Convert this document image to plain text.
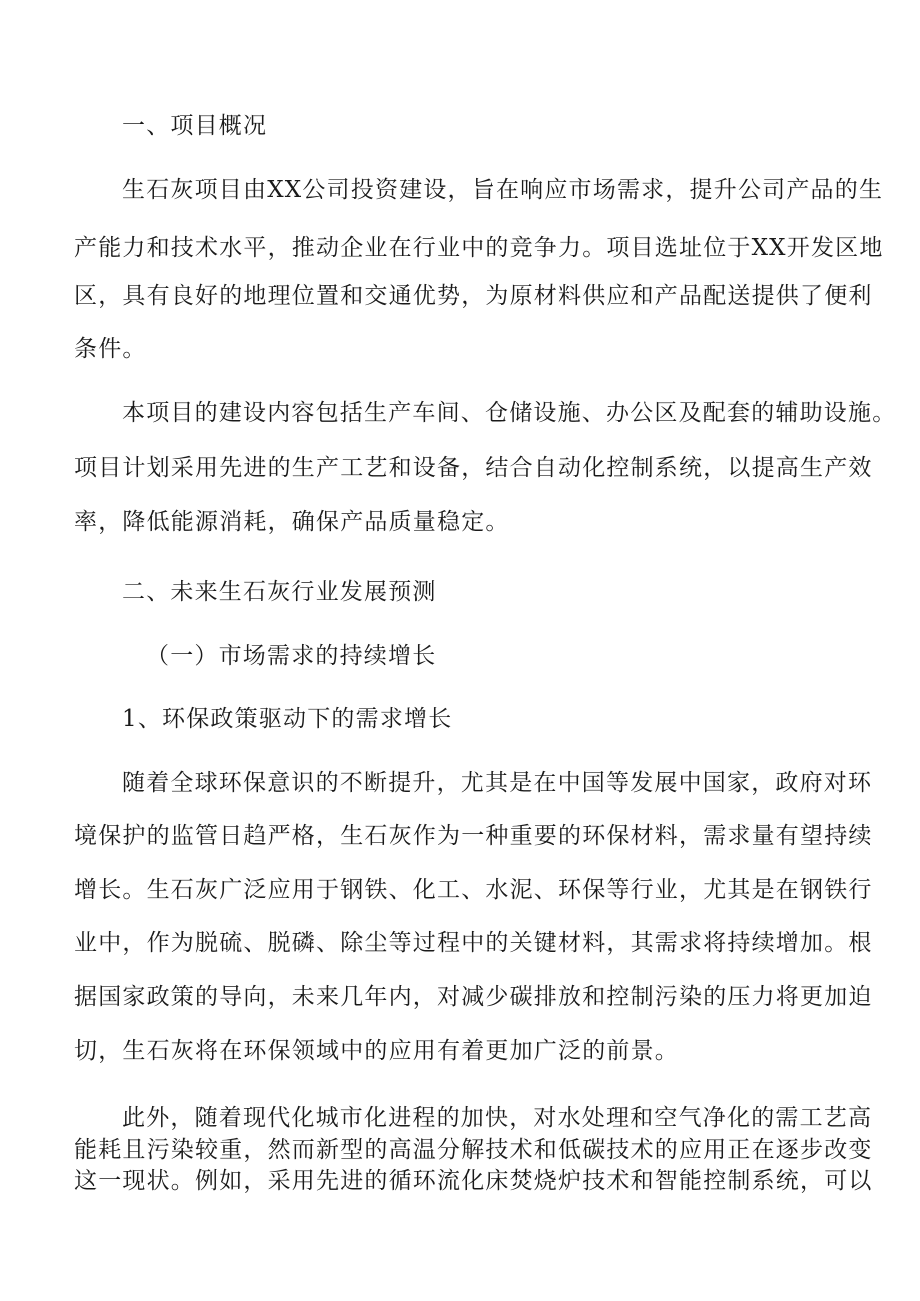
一、项目概况
生石灰项目由XX公司投资建设，旨在响应市场需求，提升公司产品的生
产能力和技术水平，推动企业在行业中的竞争力。项目选址位于XX开发区地
区，具有良好的地理位置和交通优势，为原材料供应和产品配送提供了便利
条件。
本项目的建设内容包括生产车间、仓储设施、办公区及配套的辅助设施。
项目计划采用先进的生产工艺和设备，结合自动化控制系统，以提高生产效
率，降低能源消耗，确保产品质量稳定。
二、未来生石灰行业发展预测
（一）市场需求的持续增长
1、环保政策驱动下的需求增长
随着全球环保意识的不断提升，尤其是在中国等发展中国家，政府对环
境保护的监管日趋严格，生石灰作为一种重要的环保材料，需求量有望持续
增长。生石灰广泛应用于钢铁、化工、水泥、环保等行业，尤其是在钢铁行
业中，作为脱硫、脱磷、除尘等过程中的关键材料，其需求将持续增加。根
据国家政策的导向，未来几年内，对减少碳排放和控制污染的压力将更加迫
切，生石灰将在环保领域中的应用有着更加广泛的前景。
此外，随着现代化城市化进程的加快，对水处理和空气净化的需工艺高
能耗且污染较重，然而新型的高温分解技术和低碳技术的应用正在逐步改变
这一现状。例如，采用先进的循环流化床焚烧炉技术和智能控制系统，可以
